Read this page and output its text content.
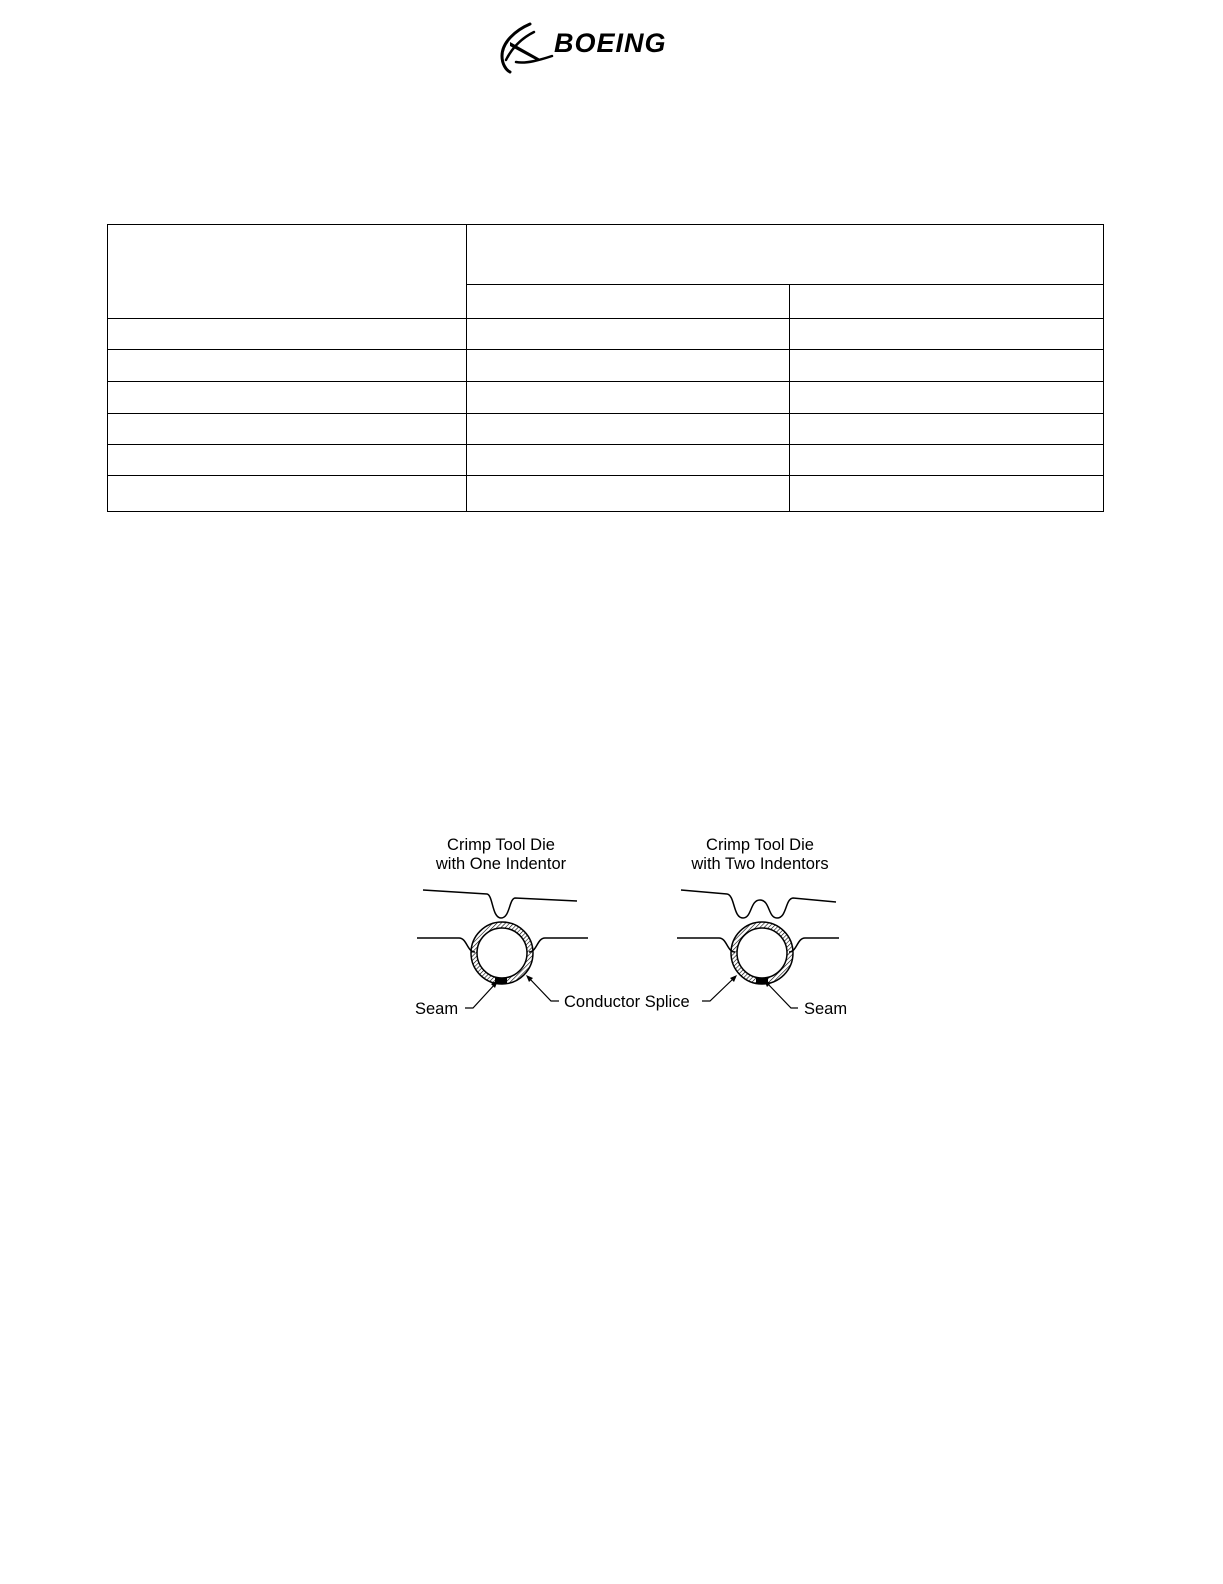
BOEING

Crimp Tool Die
with One Indentor
Crimp Tool Die
with Two Indentors
Seam	Conductor Splice	Seam
